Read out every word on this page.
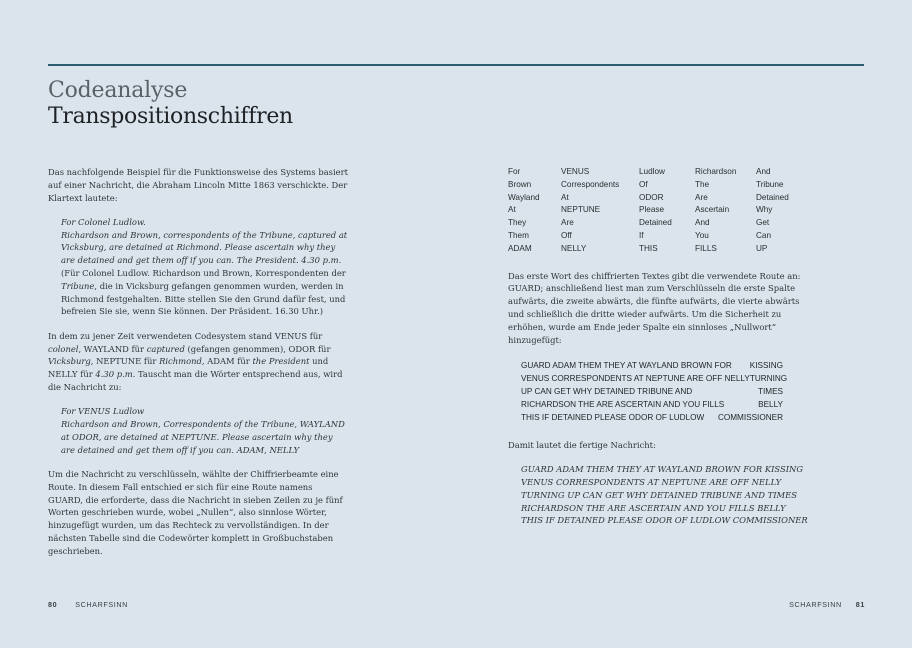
Codeanalyse
Transpositionschiffren

Das nachfolgende Beispiel für die Funktionsweise des Systems basiert auf einer Nachricht, die Abraham Lincoln Mitte 1863 verschickte. Der Klartext lautete:

For Colonel Ludlow.
Richardson and Brown, correspondents of the Tribune, captured at Vicksburg, are detained at Richmond. Please ascertain why they are detained and get them off if you can. The President. 4.30 p.m. (Für Colonel Ludlow. Richardson und Brown, Korrespondenten der Tribune, die in Vicksburg gefangen genommen wurden, werden in Richmond festgehalten. Bitte stellen Sie den Grund dafür fest, und befreien Sie sie, wenn Sie können. Der Präsident. 16.30 Uhr.)

In dem zu jener Zeit verwendeten Codesystem stand VENUS für colonel, WAYLAND für captured (gefangen genommen), ODOR für Vicksburg, NEPTUNE für Richmond, ADAM für the President und NELLY für 4.30 p.m. Tauscht man die Wörter entsprechend aus, wird die Nachricht zu:

For VENUS Ludlow
Richardson and Brown, Correspondents of the Tribune, WAYLAND at ODOR, are detained at NEPTUNE. Please ascertain why they are detained and get them off if you can. ADAM, NELLY

Um die Nachricht zu verschlüsseln, wählte der Chiffrierbeamte eine Route. In diesem Fall entschied er sich für eine Route namens GUARD, die erforderte, dass die Nachricht in sieben Zeilen zu je fünf Worten geschrieben wurde, wobei „Nullen“, also sinnlose Wörter, hinzugefügt wurden, um das Rechteck zu vervollständigen. In der nächsten Tabelle sind die Codewörter komplett in Großbuchstaben geschrieben.

For	VENUS	Ludlow	Richardson	And
Brown	Correspondents	Of	The	Tribune
Wayland	At	ODOR	Are	Detained
At	NEPTUNE	Please	Ascertain	Why
They	Are	Detained	And	Get
Them	Off	If	You	Can
ADAM	NELLY	THIS	FILLS	UP

Das erste Wort des chiffrierten Textes gibt die verwendete Route an: GUARD; anschließend liest man zum Verschlüsseln die erste Spalte aufwärts, die zweite abwärts, die fünfte aufwärts, die vierte abwärts und schließlich die dritte wieder aufwärts. Um die Sicherheit zu erhöhen, wurde am Ende jeder Spalte ein sinnloses „Nullwort“ hinzugefügt:

GUARD ADAM THEM THEY AT WAYLAND BROWN FOR KISSING
VENUS CORRESPONDENTS AT NEPTUNE ARE OFF NELLY TURNING
UP CAN GET WHY DETAINED TRIBUNE AND	TIMES
RICHARDSON THE ARE ASCERTAIN AND YOU FILLS	BELLY
THIS IF DETAINED PLEASE ODOR OF LUDLOW COMMISSIONER

Damit lautet die fertige Nachricht:

GUARD ADAM THEM THEY AT WAYLAND BROWN FOR KISSING VENUS CORRESPONDENTS AT NEPTUNE ARE OFF NELLY TURNING UP CAN GET WHY DETAINED TRIBUNE AND TIMES RICHARDSON THE ARE ASCERTAIN AND YOU FILLS BELLY THIS IF DETAINED PLEASE ODOR OF LUDLOW COMMISSIONER

80	SCHARFSINN	SCHARFSINN 81
